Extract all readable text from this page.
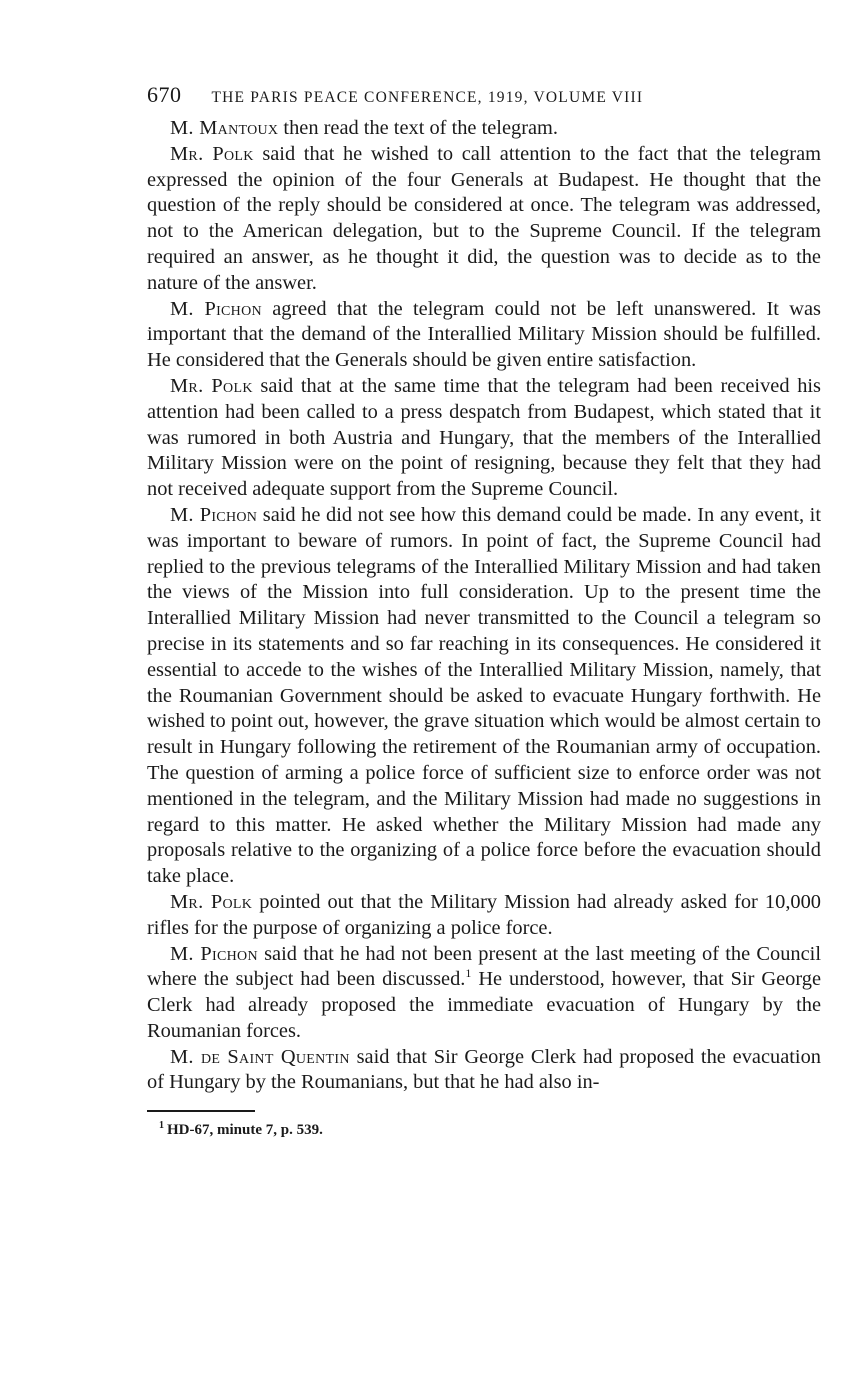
670 THE PARIS PEACE CONFERENCE, 1919, VOLUME VIII

M. Mantoux then read the text of the telegram.

Mr. Polk said that he wished to call attention to the fact that the telegram expressed the opinion of the four Generals at Budapest. He thought that the question of the reply should be considered at once. The telegram was addressed, not to the American delegation, but to the Supreme Council. If the telegram required an answer, as he thought it did, the question was to decide as to the nature of the answer.

M. Pichon agreed that the telegram could not be left unanswered. It was important that the demand of the Interallied Military Mission should be fulfilled. He considered that the Generals should be given entire satisfaction.

Mr. Polk said that at the same time that the telegram had been received his attention had been called to a press despatch from Budapest, which stated that it was rumored in both Austria and Hungary, that the members of the Interallied Military Mission were on the point of resigning, because they felt that they had not received adequate support from the Supreme Council.

M. Pichon said he did not see how this demand could be made. In any event, it was important to beware of rumors. In point of fact, the Supreme Council had replied to the previous telegrams of the Interallied Military Mission and had taken the views of the Mission into full consideration. Up to the present time the Interallied Military Mission had never transmitted to the Council a telegram so precise in its statements and so far reaching in its consequences. He considered it essential to accede to the wishes of the Interallied Military Mission, namely, that the Roumanian Government should be asked to evacuate Hungary forthwith. He wished to point out, however, the grave situation which would be almost certain to result in Hungary following the retirement of the Roumanian army of occupation. The question of arming a police force of sufficient size to enforce order was not mentioned in the telegram, and the Military Mission had made no suggestions in regard to this matter. He asked whether the Military Mission had made any proposals relative to the organizing of a police force before the evacuation should take place.

Mr. Polk pointed out that the Military Mission had already asked for 10,000 rifles for the purpose of organizing a police force.

M. Pichon said that he had not been present at the last meeting of the Council where the subject had been discussed.$^1$ He understood, however, that Sir George Clerk had already proposed the immediate evacuation of Hungary by the Roumanian forces.

M. de Saint Quentin said that Sir George Clerk had proposed the evacuation of Hungary by the Roumanians, but that he had also in-

$^1$ HD-67, minute 7, p. 539.
